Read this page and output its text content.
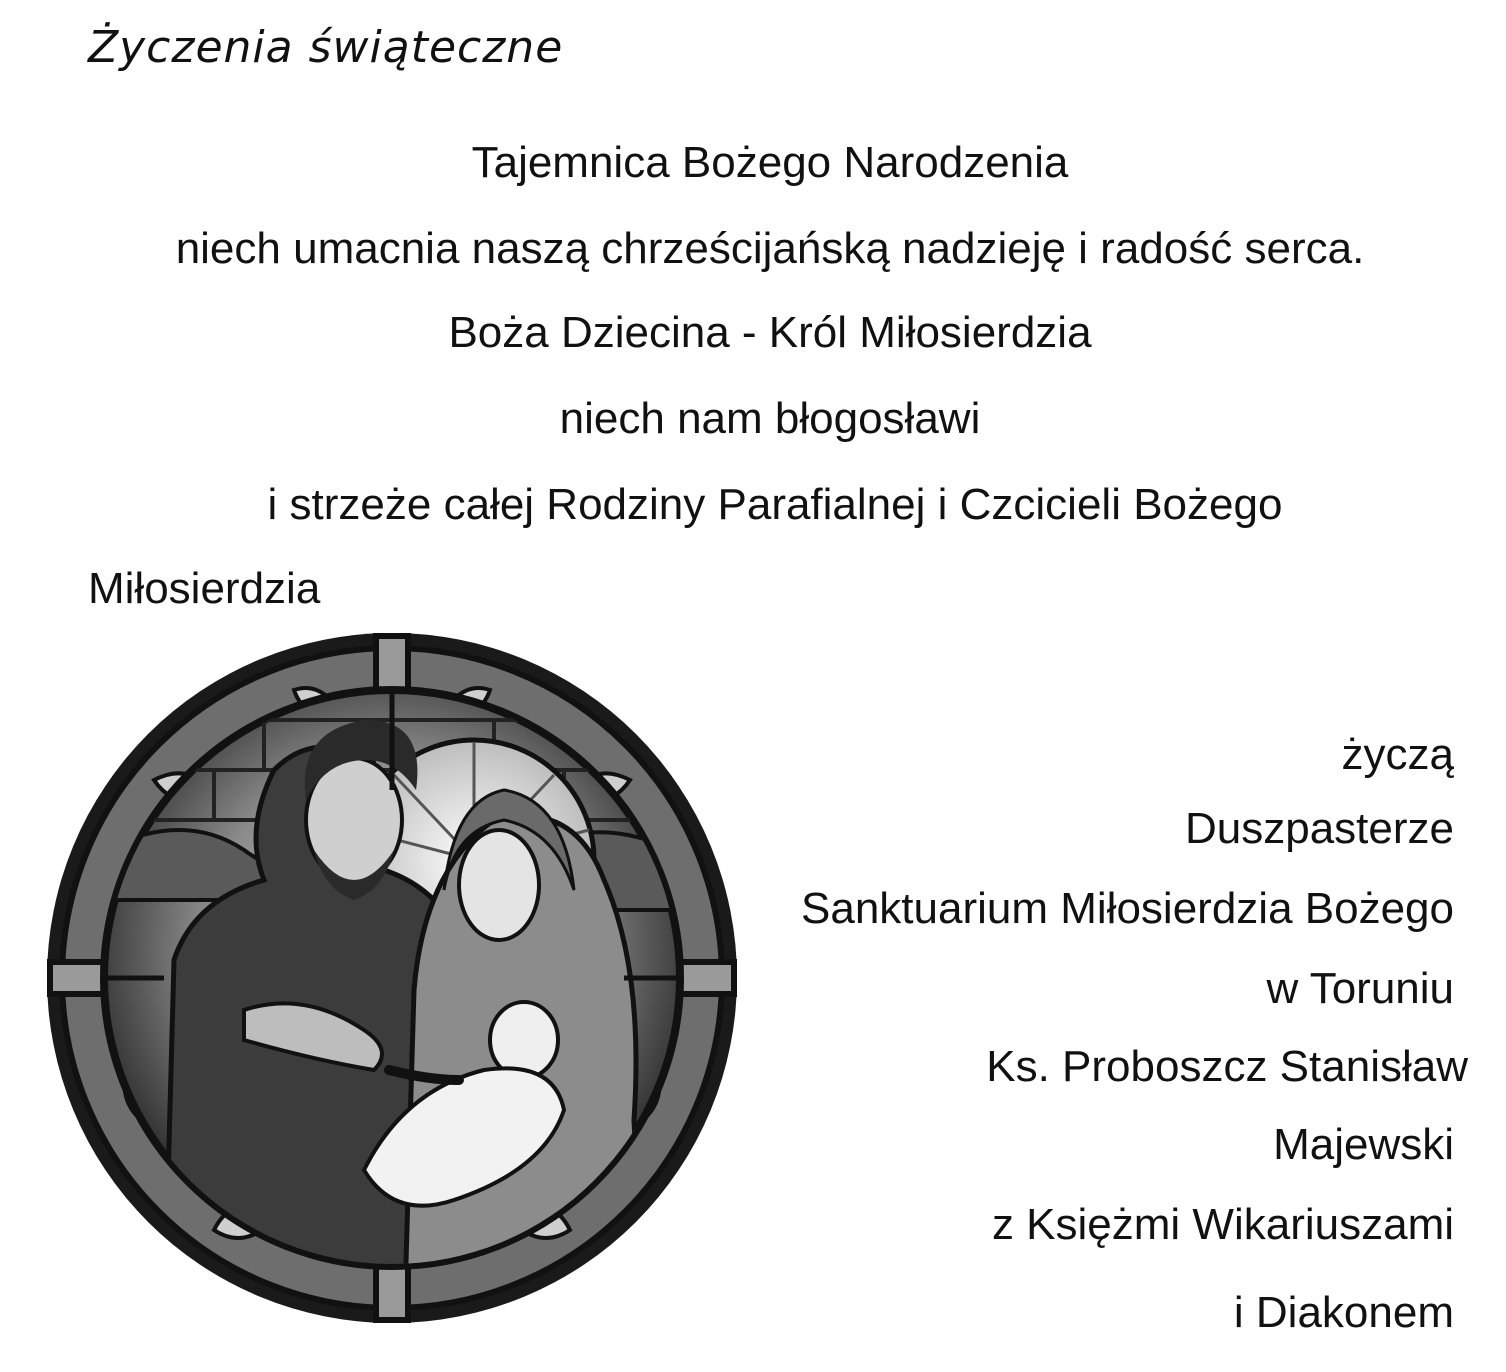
Życzenia świąteczne
Tajemnica Bożego Narodzenia
niech umacnia naszą chrześcijańską nadzieję i radość serca.
Boża Dziecina - Król Miłosierdzia
niech nam błogosławi
i strzeże całej Rodziny Parafialnej i Czcicieli Bożego
Miłosierdzia
życzą
Duszpasterze
Sanktuarium Miłosierdzia Bożego
w Toruniu
Ks. Proboszcz Stanisław
Majewski
z Księżmi Wikariuszami
i Diakonem
